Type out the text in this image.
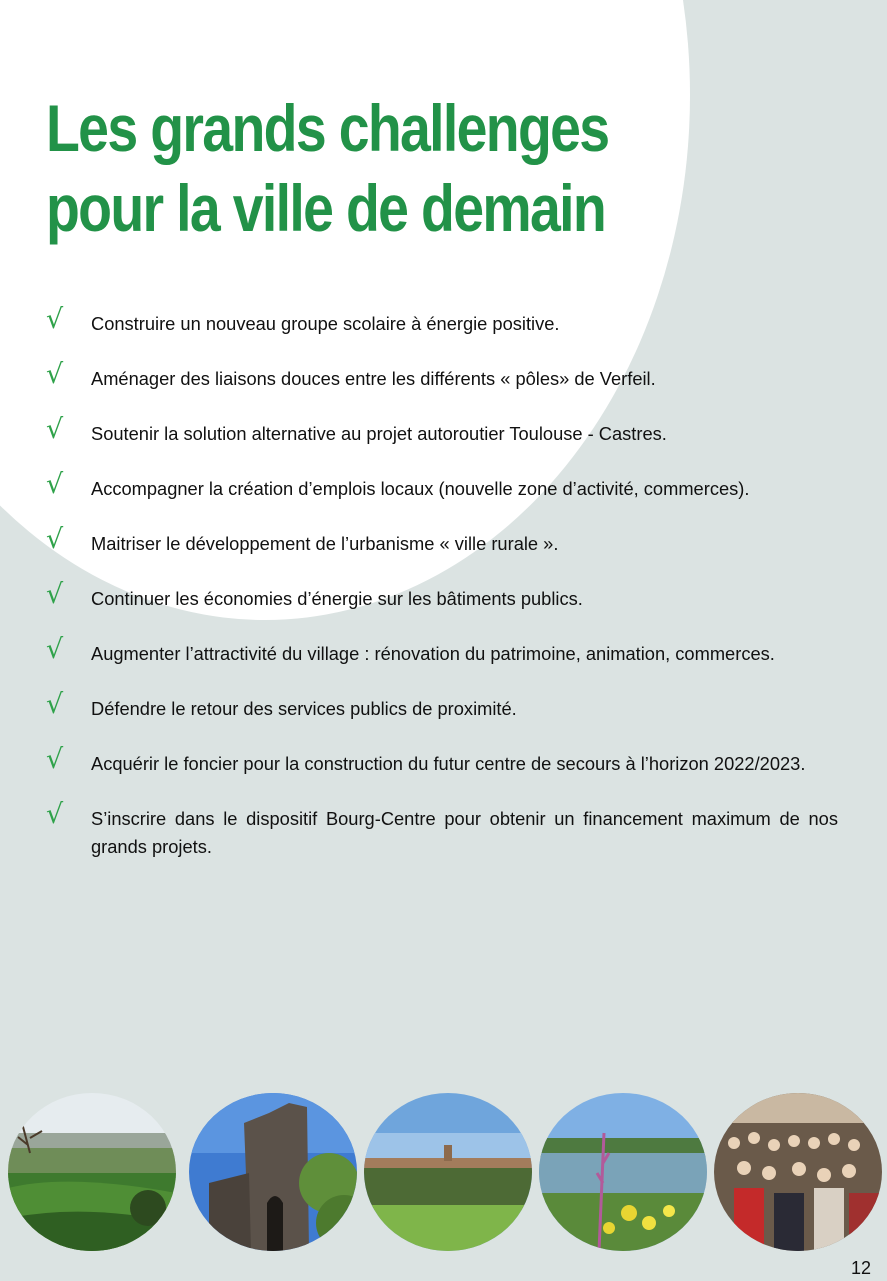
Les grands challenges
pour la ville de demain
√ Construire un nouveau groupe scolaire à énergie positive.
√ Aménager des liaisons douces entre les différents « pôles» de Verfeil.
√ Soutenir la solution alternative au projet autoroutier Toulouse - Castres.
√ Accompagner la création d’emplois locaux (nouvelle zone d’activité, commerces).
√ Maitriser le développement de l’urbanisme « ville rurale ».
√ Continuer les économies d’énergie sur les bâtiments publics.
√ Augmenter l’attractivité du village : rénovation du patrimoine, animation, commerces.
√ Défendre le retour des services publics de proximité.
√ Acquérir le foncier pour la construction du futur centre de secours à l’horizon 2022/2023.
√ S’inscrire dans le dispositif Bourg-Centre pour obtenir un financement maximum de nos grands projets.
12
